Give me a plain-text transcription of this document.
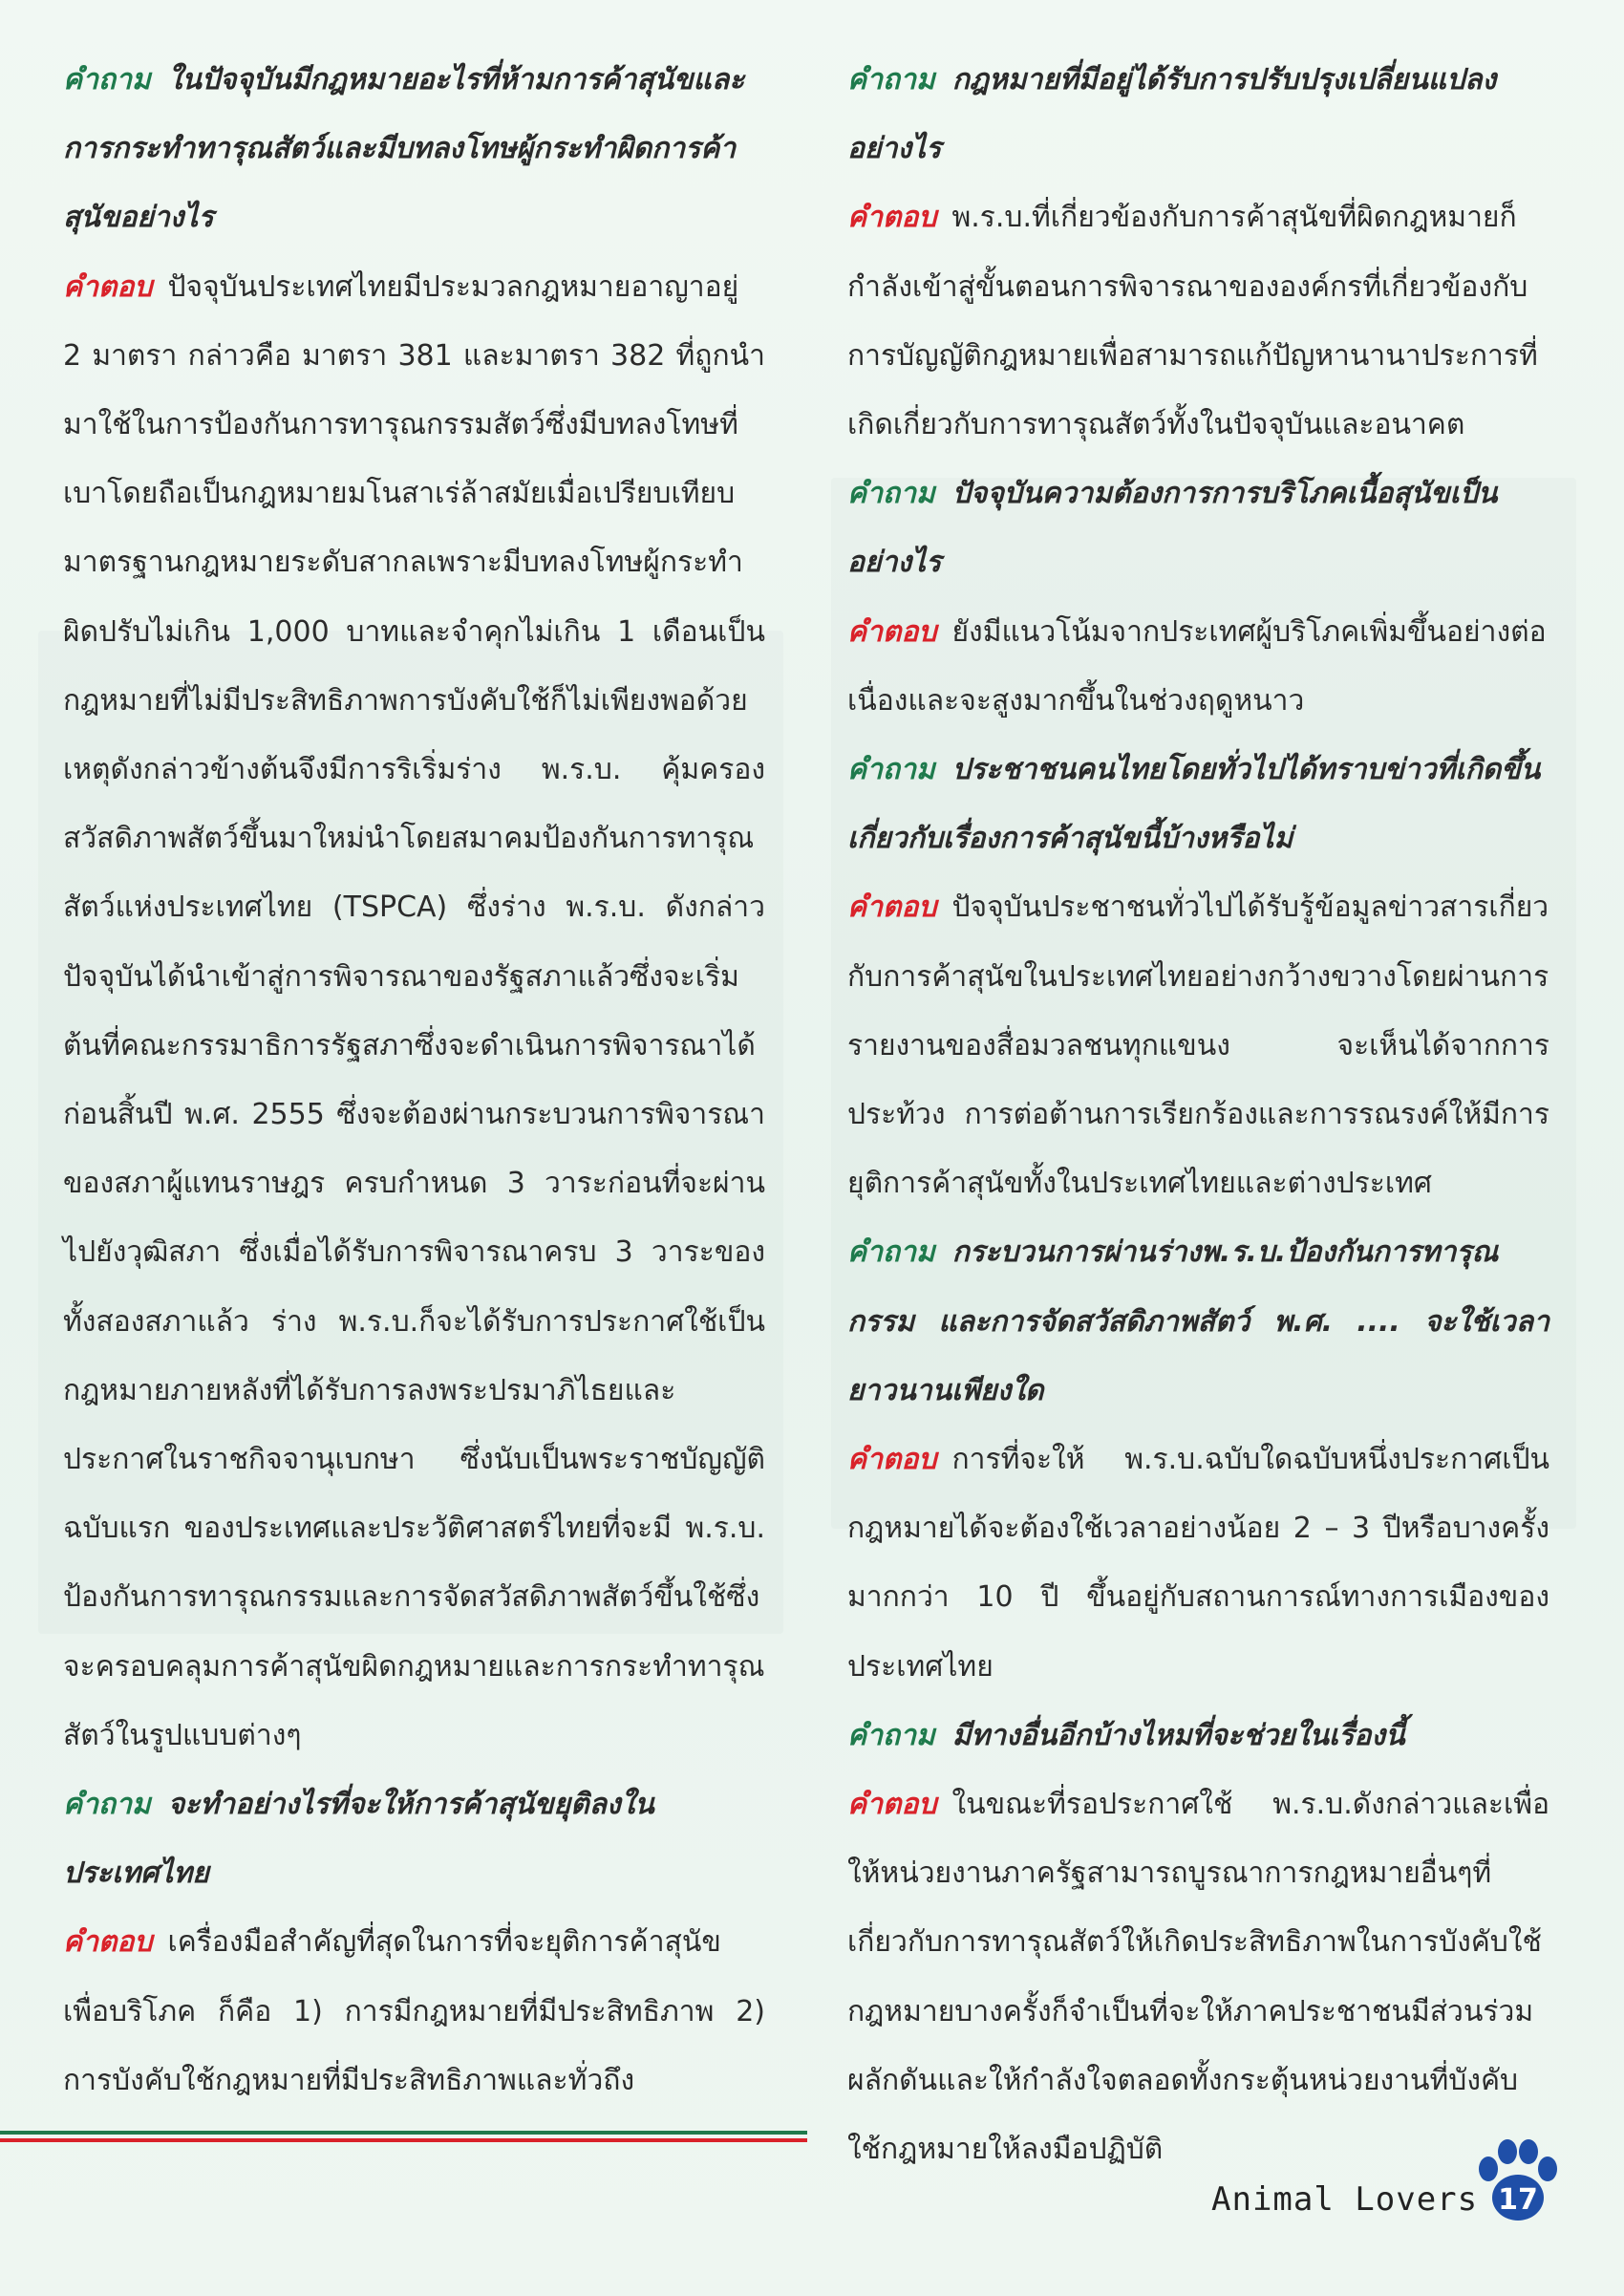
คำถาม ในปัจจุบันมีกฎหมายอะไรที่ห้ามการค้าสุนัขและการกระทำทารุณสัตว์และมีบทลงโทษผู้กระทำผิดการค้าสุนัขอย่างไร

คำตอบ ปัจจุบันประเทศไทยมีประมวลกฎหมายอาญาอยู่ 2 มาตรา กล่าวคือ มาตรา 381 และมาตรา 382 ที่ถูกนำมาใช้ในการป้องกันการทารุณกรรมสัตว์ซึ่งมีบทลงโทษที่เบาโดยถือเป็นกฎหมายมโนสาเร่ล้าสมัยเมื่อเปรียบเทียบมาตรฐานกฎหมายระดับสากลเพราะมีบทลงโทษผู้กระทำผิดปรับไม่เกิน 1,000 บาทและจำคุกไม่เกิน 1 เดือนเป็นกฎหมายที่ไม่มีประสิทธิภาพการบังคับใช้ก็ไม่เพียงพอด้วยเหตุดังกล่าวข้างต้นจึงมีการริเริ่มร่าง พ.ร.บ. คุ้มครองสวัสดิภาพสัตว์ขึ้นมาใหม่นำโดยสมาคมป้องกันการทารุณสัตว์แห่งประเทศไทย (TSPCA) ซึ่งร่าง พ.ร.บ. ดังกล่าวปัจจุบันได้นำเข้าสู่การพิจารณาของรัฐสภาแล้วซึ่งจะเริ่มต้นที่คณะกรรมาธิการรัฐสภาซึ่งจะดำเนินการพิจารณาได้ก่อนสิ้นปี พ.ศ. 2555 ซึ่งจะต้องผ่านกระบวนการพิจารณาของสภาผู้แทนราษฎร ครบกำหนด 3 วาระก่อนที่จะผ่านไปยังวุฒิสภา ซึ่งเมื่อได้รับการพิจารณาครบ 3 วาระของทั้งสองสภาแล้ว ร่าง พ.ร.บ.ก็จะได้รับการประกาศใช้เป็นกฎหมายภายหลังที่ได้รับการลงพระปรมาภิไธยและประกาศในราชกิจจานุเบกษา ซึ่งนับเป็นพระราชบัญญัติฉบับแรก ของประเทศและประวัติศาสตร์ไทยที่จะมี พ.ร.บ. ป้องกันการทารุณกรรมและการจัดสวัสดิภาพสัตว์ขึ้นใช้ซึ่งจะครอบคลุมการค้าสุนัขผิดกฎหมายและการกระทำทารุณสัตว์ในรูปแบบต่างๆ

คำถาม จะทำอย่างไรที่จะให้การค้าสุนัขยุติลงในประเทศไทย

คำตอบ เครื่องมือสำคัญที่สุดในการที่จะยุติการค้าสุนัขเพื่อบริโภค ก็คือ 1) การมีกฎหมายที่มีประสิทธิภาพ 2) การบังคับใช้กฎหมายที่มีประสิทธิภาพและทั่วถึง

คำถาม กฎหมายที่มีอยู่ได้รับการปรับปรุงเปลี่ยนแปลงอย่างไร

คำตอบ พ.ร.บ.ที่เกี่ยวข้องกับการค้าสุนัขที่ผิดกฎหมายก็กำลังเข้าสู่ขั้นตอนการพิจารณาขององค์กรที่เกี่ยวข้องกับการบัญญัติกฎหมายเพื่อสามารถแก้ปัญหานานาประการที่เกิดเกี่ยวกับการทารุณสัตว์ทั้งในปัจจุบันและอนาคต

คำถาม ปัจจุบันความต้องการการบริโภคเนื้อสุนัขเป็นอย่างไร

คำตอบ ยังมีแนวโน้มจากประเทศผู้บริโภคเพิ่มขึ้นอย่างต่อเนื่องและจะสูงมากขึ้นในช่วงฤดูหนาว

คำถาม ประชาชนคนไทยโดยทั่วไปได้ทราบข่าวที่เกิดขึ้นเกี่ยวกับเรื่องการค้าสุนัขนี้บ้างหรือไม่

คำตอบ ปัจจุบันประชาชนทั่วไปได้รับรู้ข้อมูลข่าวสารเกี่ยวกับการค้าสุนัขในประเทศไทยอย่างกว้างขวางโดยผ่านการรายงานของสื่อมวลชนทุกแขนง จะเห็นได้จากการประท้วง การต่อต้านการเรียกร้องและการรณรงค์ให้มีการยุติการค้าสุนัขทั้งในประเทศไทยและต่างประเทศ

คำถาม กระบวนการผ่านร่างพ.ร.บ.ป้องกันการทารุณกรรม และการจัดสวัสดิภาพสัตว์ พ.ศ. .... จะใช้เวลายาวนานเพียงใด

คำตอบ การที่จะให้ พ.ร.บ.ฉบับใดฉบับหนึ่งประกาศเป็นกฎหมายได้จะต้องใช้เวลาอย่างน้อย 2 – 3 ปีหรือบางครั้งมากกว่า 10 ปี ขึ้นอยู่กับสถานการณ์ทางการเมืองของประเทศไทย

คำถาม มีทางอื่นอีกบ้างไหมที่จะช่วยในเรื่องนี้

คำตอบ ในขณะที่รอประกาศใช้ พ.ร.บ.ดังกล่าวและเพื่อให้หน่วยงานภาครัฐสามารถบูรณาการกฎหมายอื่นๆที่เกี่ยวกับการทารุณสัตว์ให้เกิดประสิทธิภาพในการบังคับใช้กฎหมายบางครั้งก็จำเป็นที่จะให้ภาคประชาชนมีส่วนร่วมผลักดันและให้กำลังใจตลอดทั้งกระตุ้นหน่วยงานที่บังคับใช้กฎหมายให้ลงมือปฏิบัติ

Animal Lovers 17
